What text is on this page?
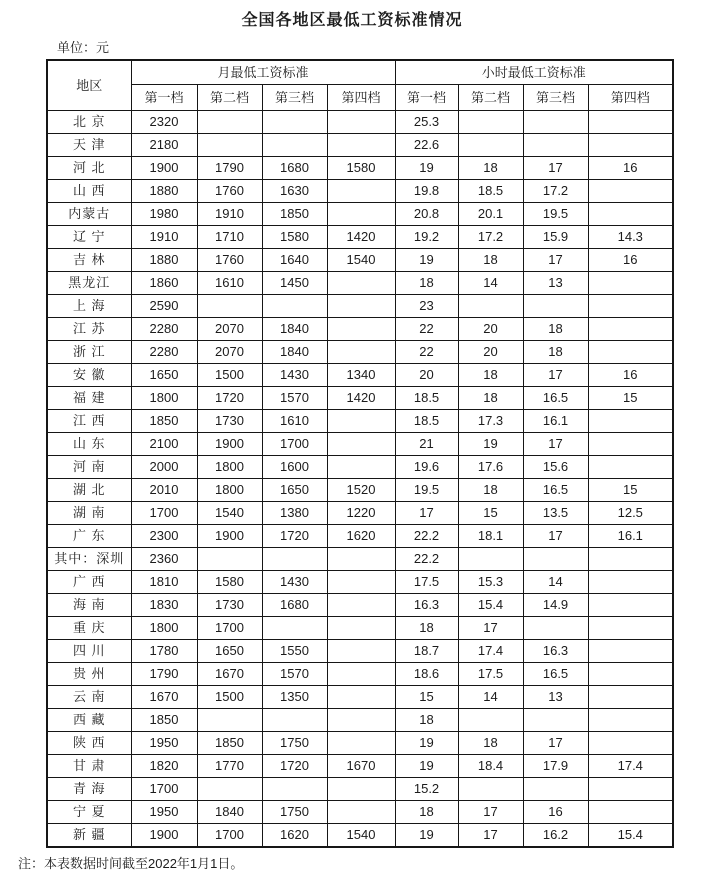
全国各地区最低工资标准情况
单位：元
地区	月最低工资标准				小时最低工资标准			
	第一档	第二档	第三档	第四档	第一档	第二档	第三档	第四档
北 京	2320				25.3			
天 津	2180				22.6			
河 北	1900	1790	1680	1580	19	18	17	16
山 西	1880	1760	1630		19.8	18.5	17.2	
内蒙古	1980	1910	1850		20.8	20.1	19.5	
辽 宁	1910	1710	1580	1420	19.2	17.2	15.9	14.3
吉 林	1880	1760	1640	1540	19	18	17	16
黑龙江	1860	1610	1450		18	14	13	
上 海	2590				23			
江 苏	2280	2070	1840		22	20	18	
浙 江	2280	2070	1840		22	20	18	
安 徽	1650	1500	1430	1340	20	18	17	16
福 建	1800	1720	1570	1420	18.5	18	16.5	15
江 西	1850	1730	1610		18.5	17.3	16.1	
山 东	2100	1900	1700		21	19	17	
河 南	2000	1800	1600		19.6	17.6	15.6	
湖 北	2010	1800	1650	1520	19.5	18	16.5	15
湖 南	1700	1540	1380	1220	17	15	13.5	12.5
广 东	2300	1900	1720	1620	22.2	18.1	17	16.1
其中：深圳	2360				22.2			
广 西	1810	1580	1430		17.5	15.3	14	
海 南	1830	1730	1680		16.3	15.4	14.9	
重 庆	1800	1700			18	17		
四 川	1780	1650	1550		18.7	17.4	16.3	
贵 州	1790	1670	1570		18.6	17.5	16.5	
云 南	1670	1500	1350		15	14	13	
西 藏	1850				18			
陕 西	1950	1850	1750		19	18	17	
甘 肃	1820	1770	1720	1670	19	18.4	17.9	17.4
青 海	1700				15.2			
宁 夏	1950	1840	1750		18	17	16	
新 疆	1900	1700	1620	1540	19	17	16.2	15.4
注：本表数据时间截至2022年1月1日。
